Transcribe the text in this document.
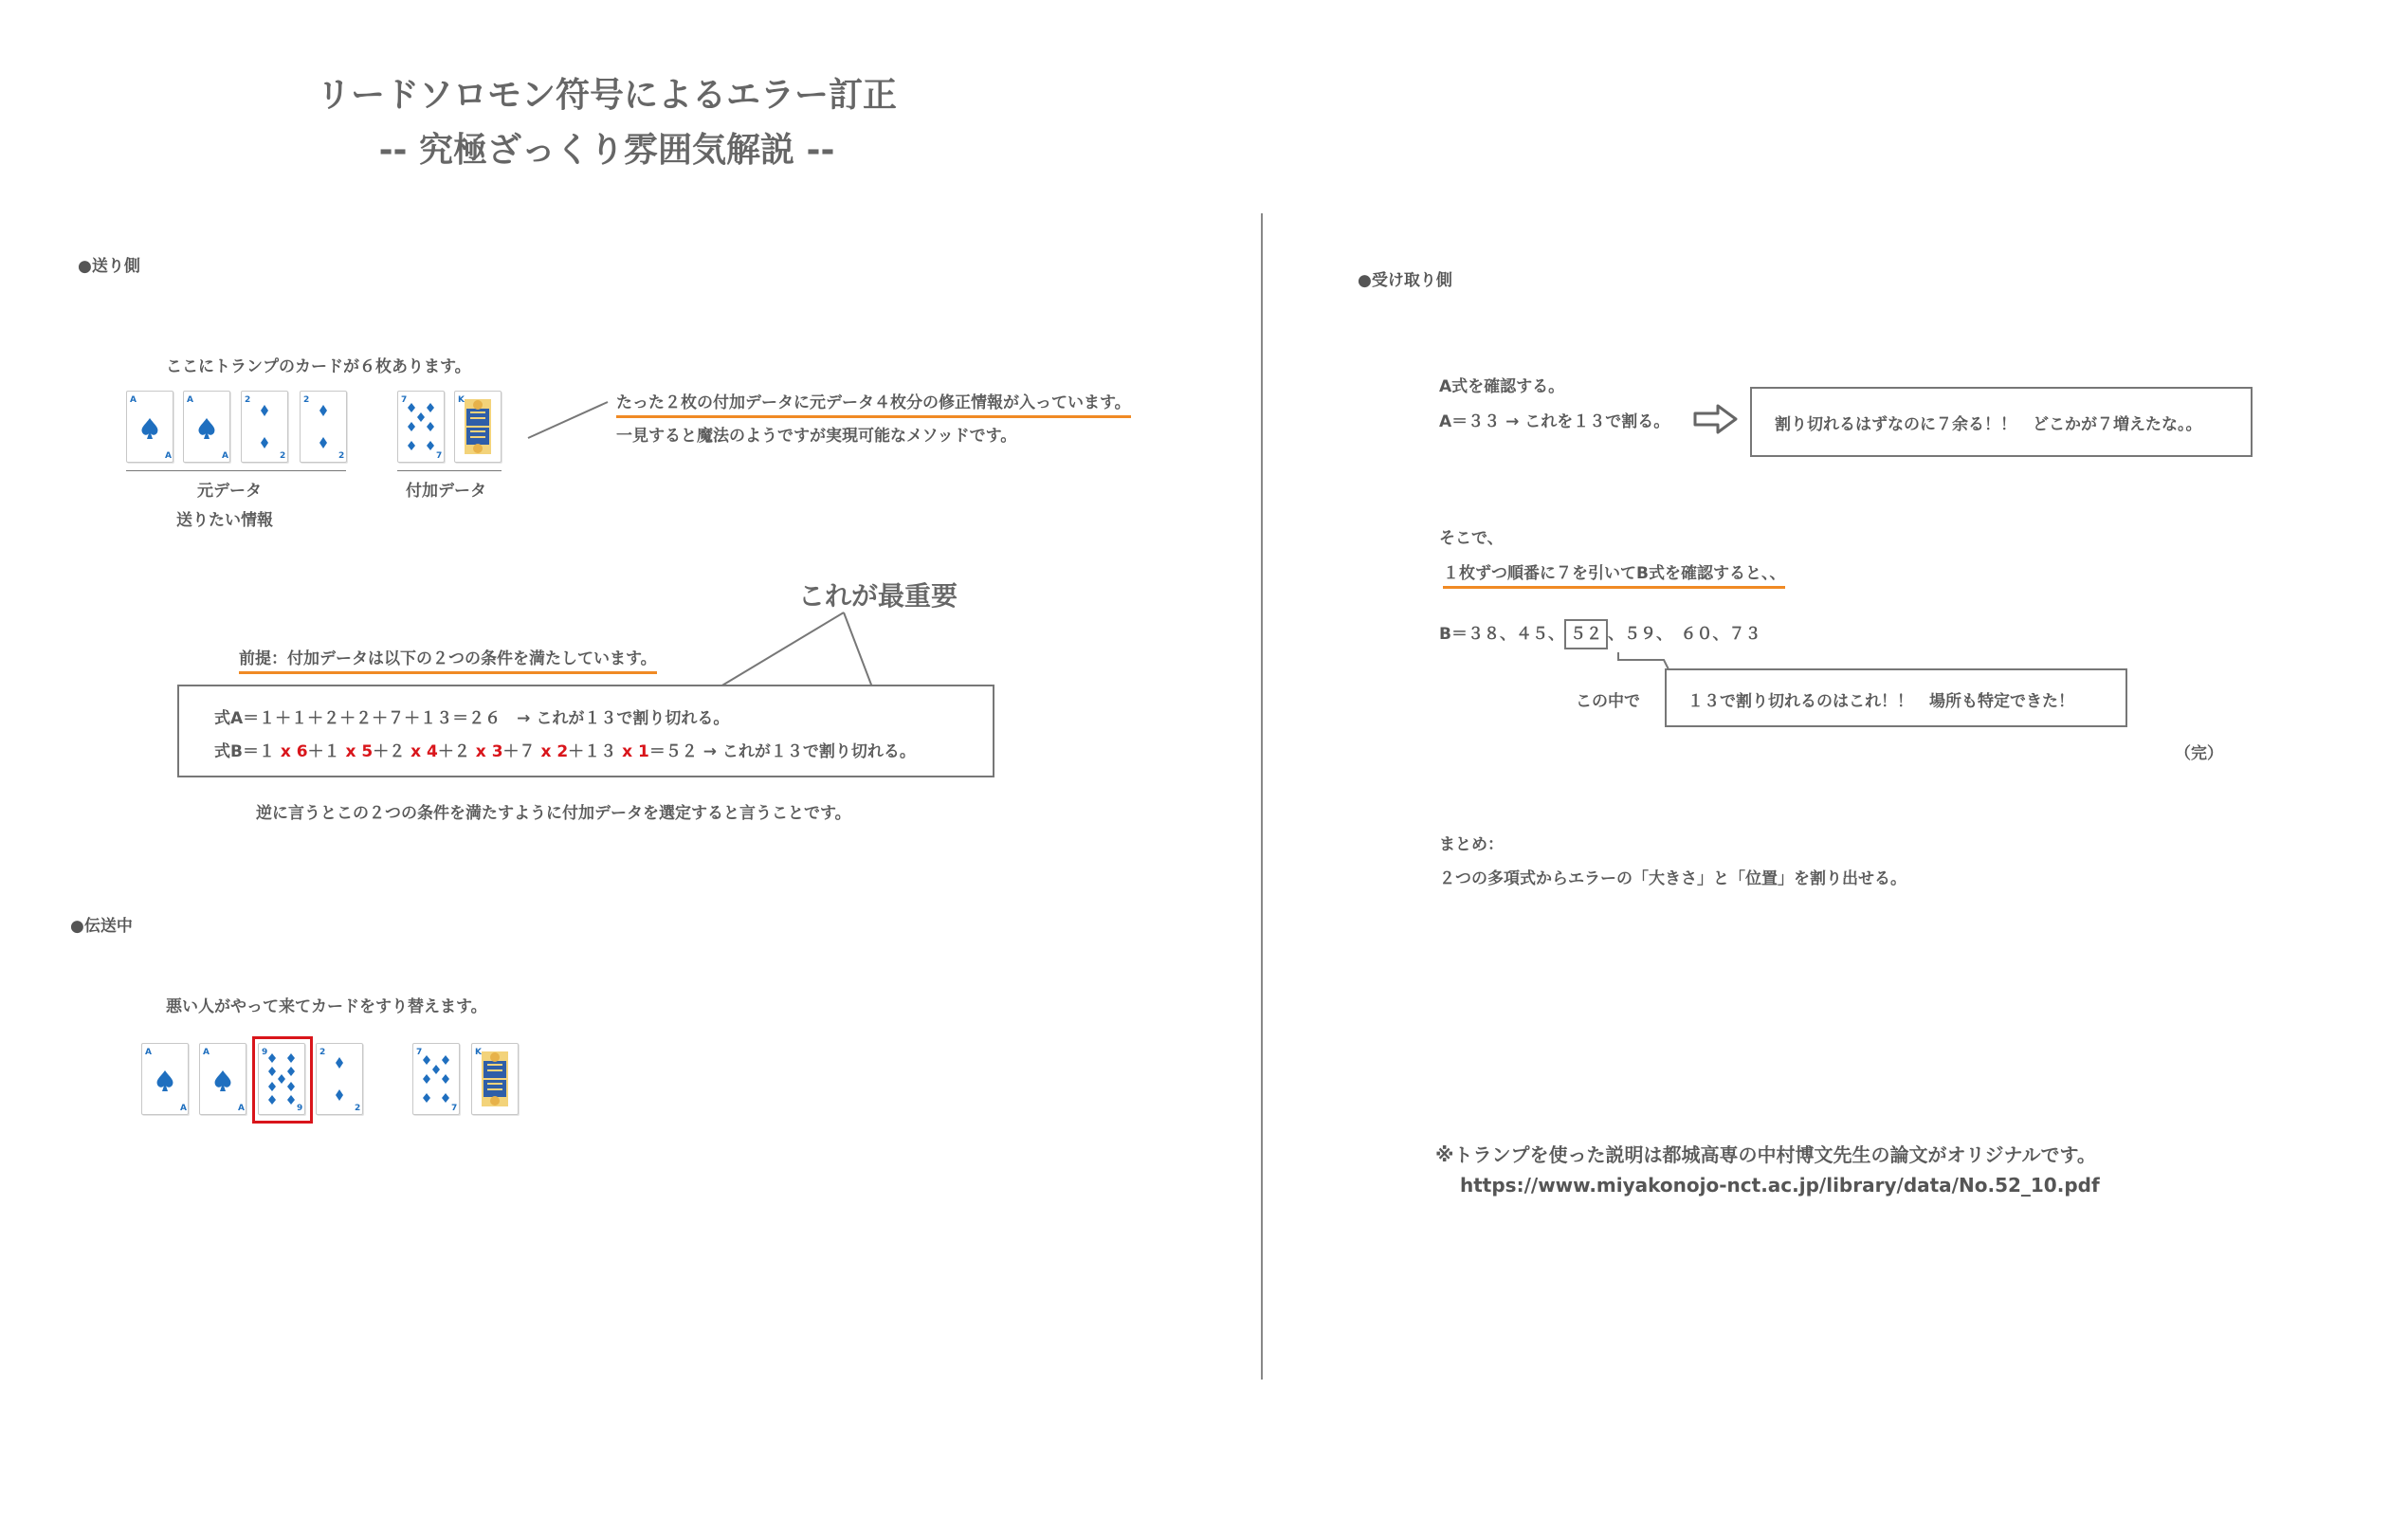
リードソロモン符号によるエラー訂正
-- 究極ざっくり雰囲気解説 --
●送り側
ここにトランプのカードが６枚あります。
A
A
A
A
2
2
2
2
7
7
K
元データ
送りたい情報
付加データ
たった２枚の付加データに元データ４枚分の修正情報が入っています。
一見すると魔法のようですが実現可能なメソッドです。
これが最重要
前提：付加データは以下の２つの条件を満たしています。
式A＝１＋１＋２＋２＋７＋１３＝２６　→ これが１３で割り切れる。
式B＝１ x 6＋１ x 5＋２ x 4＋２ x 3＋７ x 2＋１３ x 1＝５２ → これが１３で割り切れる。
逆に言うとこの２つの条件を満たすように付加データを選定すると言うことです。
●伝送中
悪い人がやって来てカードをすり替えます。
A
A
A
A
9
9
2
2
7
7
K
●受け取り側
A式を確認する。
A＝３３ → これを１３で割る。	割り切れるはずなのに７余る！！　どこかが７増えたな。。
そこで、
１枚ずつ順番に７を引いてB式を確認すると、、
B＝３８、４５、 ５２ 、５９、　６０、７３
この中で	１３で割り切れるのはこれ！！　場所も特定できた！
（完）
まとめ：
２つの多項式からエラーの「大きさ」と「位置」を割り出せる。
※トランプを使った説明は都城高専の中村博文先生の論文がオリジナルです。
https://www.miyakonojo-nct.ac.jp/library/data/No.52_10.pdf
